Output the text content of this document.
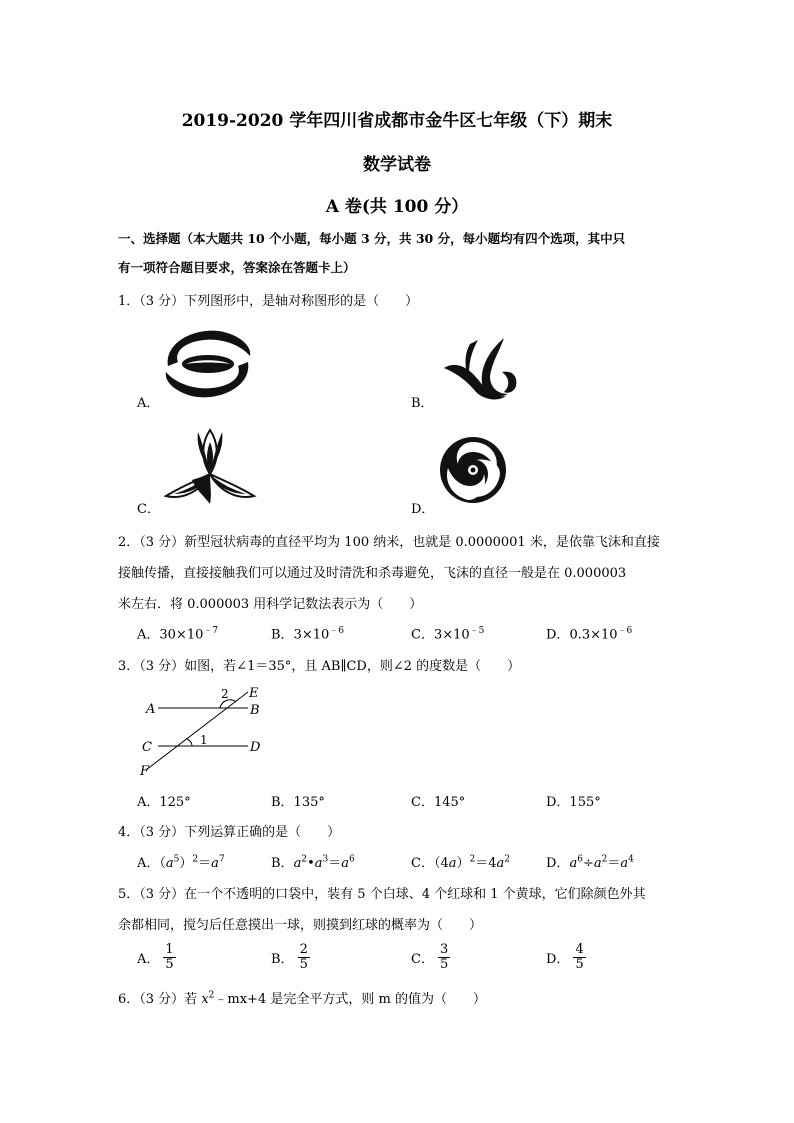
2019-2020 学年四川省成都市金牛区七年级（下）期末
数学试卷
A 卷(共 100 分）
一、选择题（本大题共 10 个小题，每小题 3 分，共 30 分，每小题均有四个选项，其中只
有一项符合题目要求，答案涂在答题卡上）
1．（3 分）下列图形中，是轴对称图形的是（　　）
A．	B．
C．	D．
2．（3 分）新型冠状病毒的直径平均为 100 纳米，也就是 0.0000001 米，是依靠飞沫和直接
接触传播，直接接触我们可以通过及时清洗和杀毒避免，飞沫的直径一般是在 0.000003
米左右．将 0.000003 用科学记数法表示为（　　）
A．$30\times 10^{﹣7}$	B．$3\times 10^{﹣6}$	C．$3\times 10^{﹣5}$	D．$0.3\times 10^{﹣6}$
3．（3 分）如图，若∠1＝35°，且 AB∥CD，则∠2 的度数是（　　）
A	B
C	D
E
F
2
1
A．125°	B．135°	C．145°	D．155°
4．（3 分）下列运算正确的是（　　）
A．$(a^5)^2=a^7$	B．$a^2•a^3=a^6$	C．$(4a)^2=4a^2$	D．$a^6\div a^2=a^4$
5．（3 分）在一个不透明的口袋中，装有 5 个白球、4 个红球和 1 个黄球，它们除颜色外其
余都相同，搅匀后任意摸出一球，则摸到红球的概率为（　　）
A． $\frac{1}{5}$	B． $\frac{2}{5}$	C． $\frac{3}{5}$	D． $\frac{4}{5}$
6．（3 分）若 $x^2﹣mx+4$ 是完全平方式，则 m 的值为（　　）
